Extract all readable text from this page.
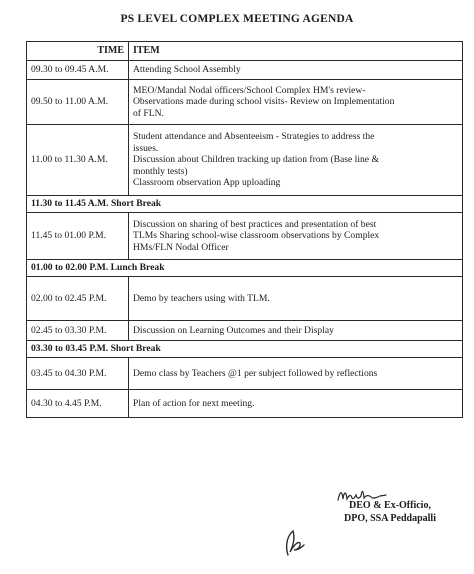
PS LEVEL COMPLEX MEETING AGENDA
TIME	ITEM
09.30 to 09.45 A.M.	Attending School Assembly

09.50 to 11.00 A.M.	MEO/Mandal Nodal officers/School Complex HM's review-
Observations made during school visits- Review on Implementation
of FLN.

11.00 to 11.30 A.M.	Student attendance and Absenteeism - Strategies to address the
issues.
Discussion about Children tracking up dation from (Base line &
monthly tests)
Classroom observation App uploading

11.30 to 11.45 A.M. Short Break	
11.45 to 01.00 P.M.	Discussion on sharing of best practices and presentation of best
TLMs Sharing school-wise classroom observations by Complex
HMs/FLN Nodal Officer

01.00 to 02.00 P.M. Lunch Break	
02.00 to 02.45 P.M.	Demo by teachers using with TLM.

02.45 to 03.30 P.M.	Discussion on Learning Outcomes and their Display

03.30 to 03.45 P.M. Short Break	
03.45 to 04.30 P.M.	Demo class by Teachers @1 per subject followed by reflections

04.30 to 4.45 P.M.	Plan of action for next meeting.
DEO & Ex-Officio,
DPO, SSA Peddapalli
